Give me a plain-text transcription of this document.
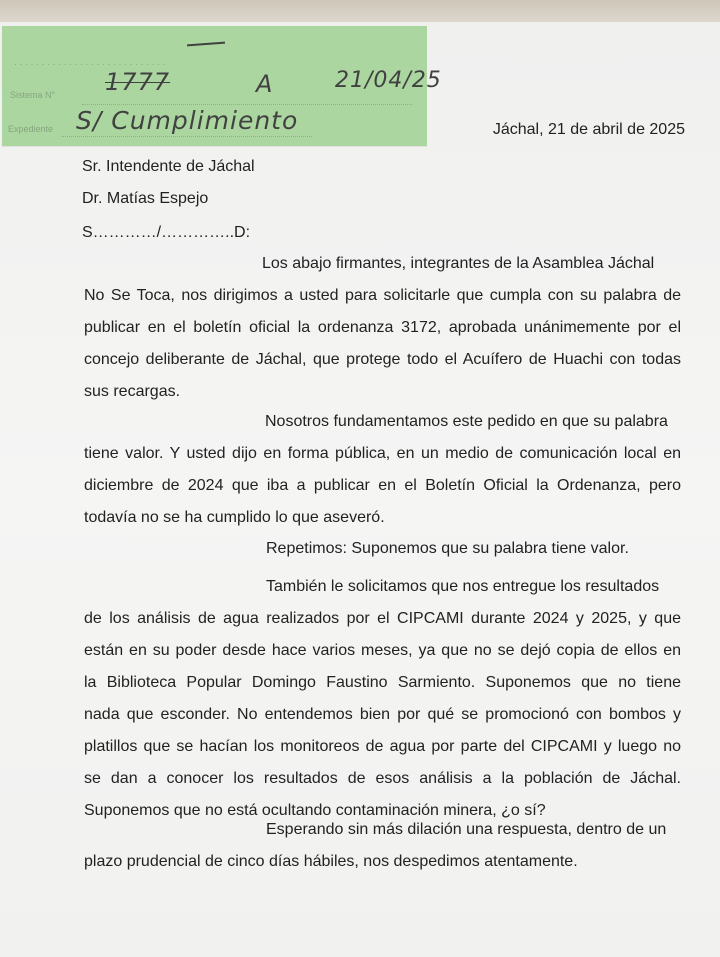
· · · · · · · · · · · · · · · · · · · · · · · · · · · ·
Sistema N°
Expediente
1777	A	21/04/25
S/ Cumplimiento	Jáchal, 21 de abril de 2025
Sr. Intendente de Jáchal
Dr. Matías Espejo
S…………/…………..D:
Los abajo firmantes, integrantes de la Asamblea Jáchal
No Se Toca, nos dirigimos a usted para solicitarle que cumpla con su palabra de
publicar en el boletín oficial la ordenanza 3172, aprobada unánimemente por el
concejo deliberante de Jáchal, que protege todo el Acuífero de Huachi con todas
sus recargas.
Nosotros fundamentamos este pedido en que su palabra
tiene valor. Y usted dijo en forma pública, en un medio de comunicación local en
diciembre de 2024 que iba a publicar en el Boletín Oficial la Ordenanza, pero
todavía no se ha cumplido lo que aseveró.
Repetimos: Suponemos que su palabra tiene valor.
También le solicitamos que nos entregue los resultados
de los análisis de agua realizados por el CIPCAMI durante 2024 y 2025, y que
están en su poder desde hace varios meses, ya que no se dejó copia de ellos en
la Biblioteca Popular Domingo Faustino Sarmiento. Suponemos que no tiene
nada que esconder. No entendemos bien por qué se promocionó con bombos y
platillos que se hacían los monitoreos de agua por parte del CIPCAMI y luego no
se dan a conocer los resultados de esos análisis a la población de Jáchal.
Suponemos que no está ocultando contaminación minera, ¿o sí?
Esperando sin más dilación una respuesta, dentro de un
plazo prudencial de cinco días hábiles, nos despedimos atentamente.
